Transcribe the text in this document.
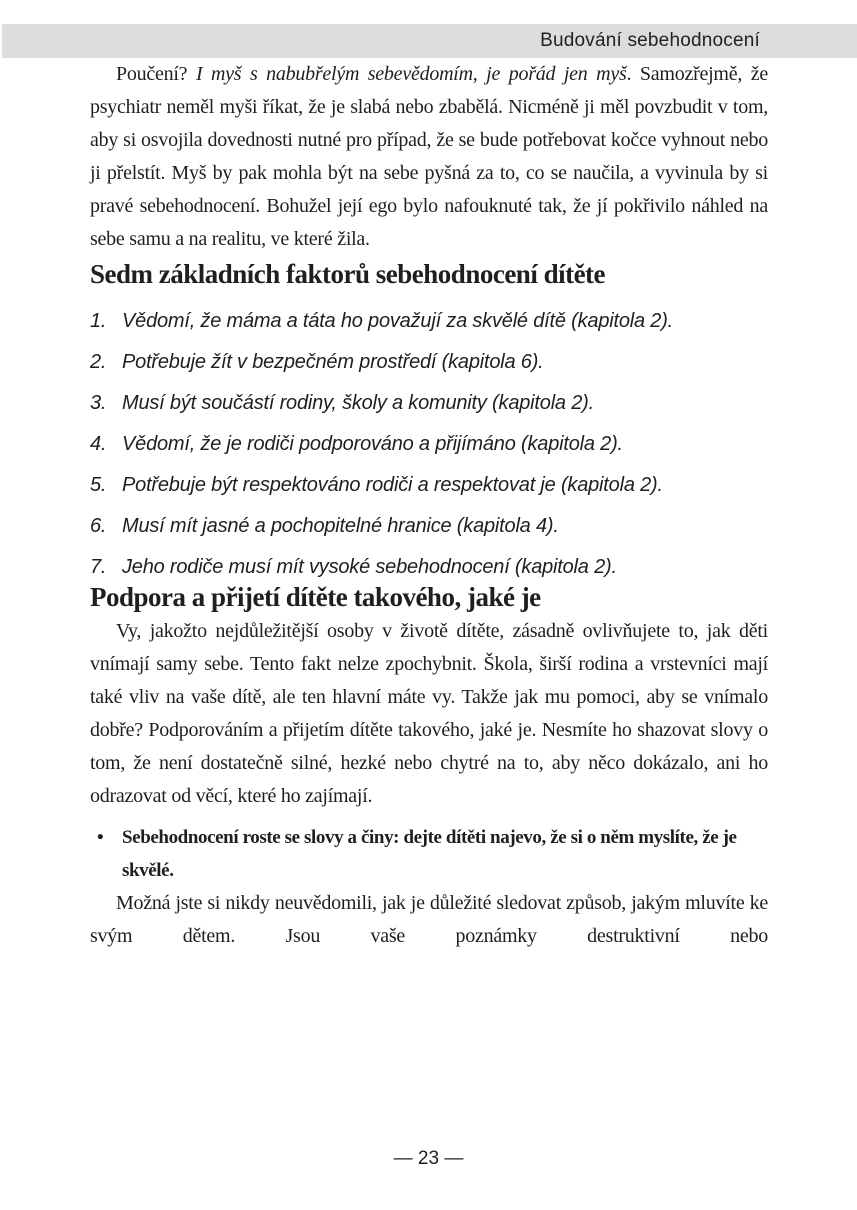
Budování sebehodnocení

Poučení? I myš s nabubřelým sebevědomím, je pořád jen myš. Samozřejmě, že psychiatr neměl myši říkat, že je slabá nebo zbabělá. Nicméně ji měl povzbudit v tom, aby si osvojila dovednosti nutné pro případ, že se bude potřebovat kočce vyhnout nebo ji přelstít. Myš by pak mohla být na sebe pyšná za to, co se naučila, a vyvinula by si pravé sebehodnocení. Bohužel její ego bylo nafouknuté tak, že jí pokřivilo náhled na sebe samu a na realitu, ve které žila.

Sedm základních faktorů sebehodnocení dítěte
1. Vědomí, že máma a táta ho považují za skvělé dítě (kapitola 2).
2. Potřebuje žít v bezpečném prostředí (kapitola 6).
3. Musí být součástí rodiny, školy a komunity (kapitola 2).
4. Vědomí, že je rodiči podporováno a přijímáno (kapitola 2).
5. Potřebuje být respektováno rodiči a respektovat je (kapitola 2).
6. Musí mít jasné a pochopitelné hranice (kapitola 4).
7. Jeho rodiče musí mít vysoké sebehodnocení (kapitola 2).
Podpora a přijetí dítěte takového, jaké je

Vy, jakožto nejdůležitější osoby v životě dítěte, zásadně ovlivňujete to, jak děti vnímají samy sebe. Tento fakt nelze zpochybnit. Škola, širší rodina a vrstevníci mají také vliv na vaše dítě, ale ten hlavní máte vy. Takže jak mu pomoci, aby se vnímalo dobře? Podporováním a přijetím dítěte takového, jaké je. Nesmíte ho shazovat slovy o tom, že není dostatečně silné, hezké nebo chytré na to, aby něco dokázalo, ani ho odrazovat od věcí, které ho zajímají.

• Sebehodnocení roste se slovy a činy: dejte dítěti najevo, že si o něm myslíte, že je skvělé.

Možná jste si nikdy neuvědomili, jak je důležité sledovat způsob, jakým mluvíte ke svým dětem. Jsou vaše poznámky destruktivní nebo

— 23 —
